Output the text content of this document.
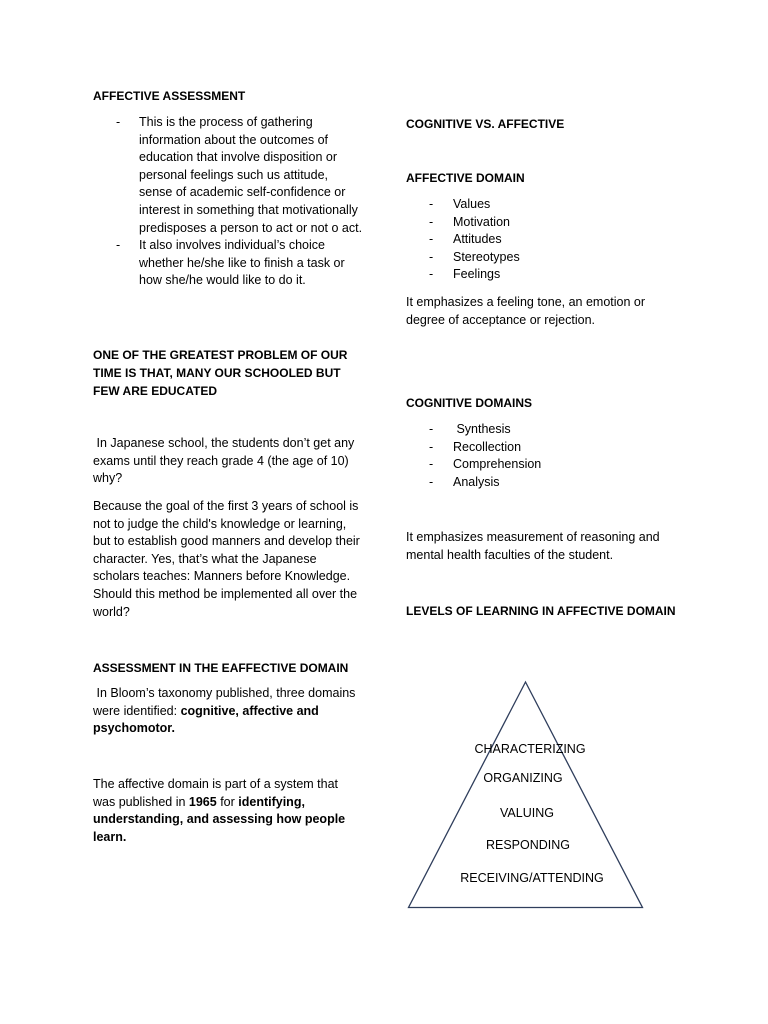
AFFECTIVE ASSESSMENT
- This is the process of gathering information about the outcomes of education that involve disposition or personal feelings such us attitude, sense of academic self-confidence or interest in something that motivationally predisposes a person to act or not o act.
- It also involves individual’s choice whether he/she like to finish a task or how she/he would like to do it.
ONE OF THE GREATEST PROBLEM OF OUR TIME IS THAT, MANY OUR SCHOOLED BUT FEW ARE EDUCATED

In Japanese school, the students don’t get any exams until they reach grade 4 (the age of 10) why?

Because the goal of the first 3 years of school is not to judge the child's knowledge or learning, but to establish good manners and develop their character. Yes, that’s what the Japanese scholars teaches: Manners before Knowledge. Should this method be implemented all over the world?

ASSESSMENT IN THE EAFFECTIVE DOMAIN

In Bloom’s taxonomy published, three domains were identified: cognitive, affective and psychomotor.

The affective domain is part of a system that was published in 1965 for identifying, understanding, and assessing how people learn.

COGNITIVE VS. AFFECTIVE
AFFECTIVE DOMAIN
- Values
- Motivation
- Attitudes
- Stereotypes
- Feelings

It emphasizes a feeling tone, an emotion or degree of acceptance or rejection.

COGNITIVE DOMAINS
-  Synthesis
- Recollection
- Comprehension
- Analysis

It emphasizes measurement of reasoning and mental health faculties of the student.

LEVELS OF LEARNING IN AFFECTIVE DOMAIN
CHARACTERIZING
ORGANIZING
VALUING
RESPONDING
RECEIVING/ATTENDING
